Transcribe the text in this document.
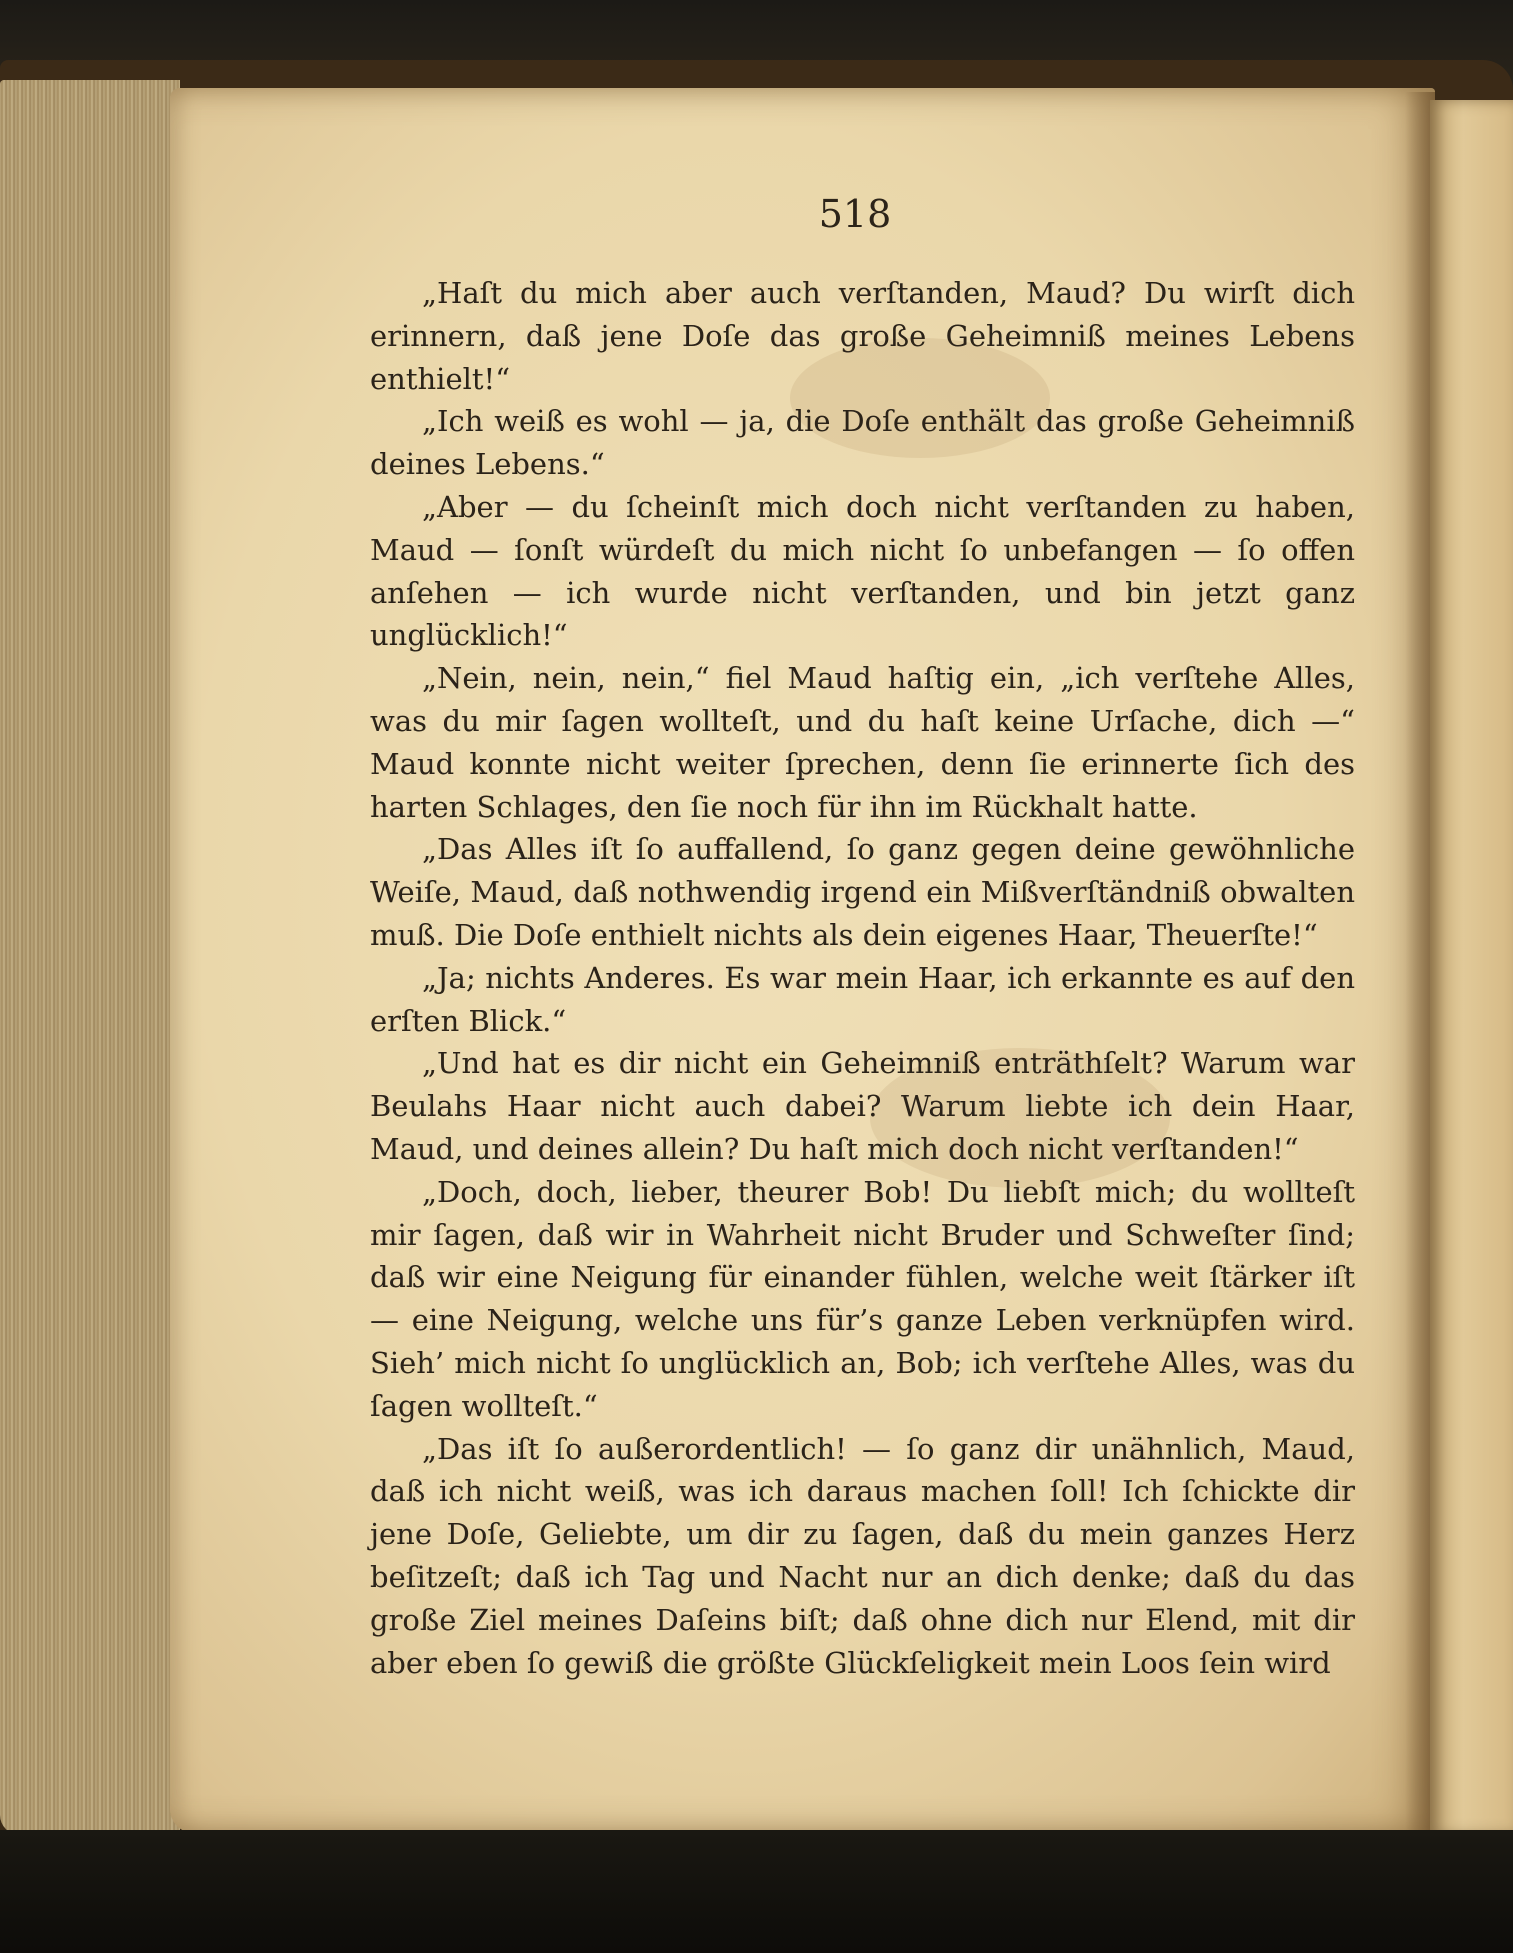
518

„Haſt du mich aber auch verſtanden, Maud? Du wirſt dich erinnern, daß jene Doſe das große Geheimniß meines Lebens enthielt!“

„Ich weiß es wohl — ja, die Doſe enthält das große Geheimniß deines Lebens.“

„Aber — du ſcheinſt mich doch nicht verſtanden zu haben, Maud — ſonſt würdeſt du mich nicht ſo unbefangen — ſo offen anſehen — ich wurde nicht verſtanden, und bin jetzt ganz unglücklich!“

„Nein, nein, nein,“ fiel Maud haſtig ein, „ich verſtehe Alles, was du mir ſagen wollteſt, und du haſt keine Urſache, dich —“ Maud konnte nicht weiter ſprechen, denn ſie erinnerte ſich des harten Schlages, den ſie noch für ihn im Rückhalt hatte.

„Das Alles iſt ſo auffallend, ſo ganz gegen deine gewöhnliche Weiſe, Maud, daß nothwendig irgend ein Mißverſtändniß obwalten muß. Die Doſe enthielt nichts als dein eigenes Haar, Theuerſte!“

„Ja; nichts Anderes. Es war mein Haar, ich erkannte es auf den erſten Blick.“

„Und hat es dir nicht ein Geheimniß enträthſelt? Warum war Beulahs Haar nicht auch dabei? Warum liebte ich dein Haar, Maud, und deines allein? Du haſt mich doch nicht verſtanden!“

„Doch, doch, lieber, theurer Bob! Du liebſt mich; du wollteſt mir ſagen, daß wir in Wahrheit nicht Bruder und Schweſter ſind; daß wir eine Neigung für einander fühlen, welche weit ſtärker iſt — eine Neigung, welche uns für’s ganze Leben verknüpfen wird. Sieh’ mich nicht ſo unglücklich an, Bob; ich verſtehe Alles, was du ſagen wollteſt.“

„Das iſt ſo außerordentlich! — ſo ganz dir unähnlich, Maud, daß ich nicht weiß, was ich daraus machen ſoll! Ich ſchickte dir jene Doſe, Geliebte, um dir zu ſagen, daß du mein ganzes Herz beſitzeſt; daß ich Tag und Nacht nur an dich denke; daß du das große Ziel meines Daſeins biſt; daß ohne dich nur Elend, mit dir aber eben ſo gewiß die größte Glückſeligkeit mein Loos ſein wird
